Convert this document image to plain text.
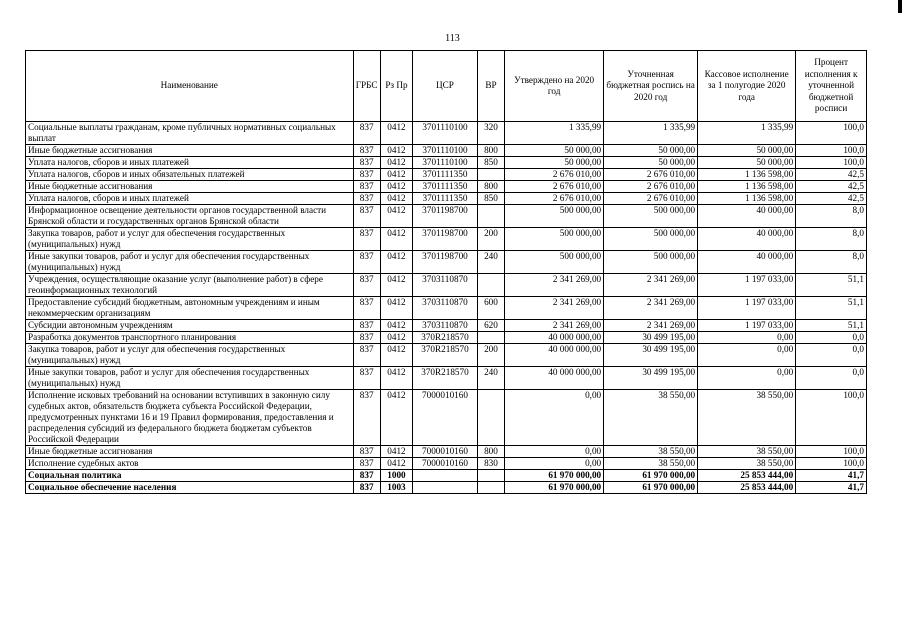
113
Наименование	ГРБС	Рз Пр	ЦСР	ВР	Утверждено на 2020 год	Уточненная бюджетная роспись на 2020 год	Кассовое исполнение за 1 полугодие 2020 года	Процент исполнения к уточненной бюджетной росписи
Социальные выплаты гражданам, кроме публичных нормативных социальных выплат	837	0412	3701110100	320	1 335,99	1 335,99	1 335,99	100,0
Иные бюджетные ассигнования	837	0412	3701110100	800	50 000,00	50 000,00	50 000,00	100,0
Уплата налогов, сборов и иных платежей	837	0412	3701110100	850	50 000,00	50 000,00	50 000,00	100,0
Уплата налогов, сборов и иных обязательных платежей	837	0412	3701111350		2 676 010,00	2 676 010,00	1 136 598,00	42,5
Иные бюджетные ассигнования	837	0412	3701111350	800	2 676 010,00	2 676 010,00	1 136 598,00	42,5
Уплата налогов, сборов и иных платежей	837	0412	3701111350	850	2 676 010,00	2 676 010,00	1 136 598,00	42,5
Информационное освещение деятельности органов государственной власти Брянской области и государственных органов Брянской области	837	0412	3701198700		500 000,00	500 000,00	40 000,00	8,0
Закупка товаров, работ и услуг для обеспечения государственных (муниципальных) нужд	837	0412	3701198700	200	500 000,00	500 000,00	40 000,00	8,0
Иные закупки товаров, работ и услуг для обеспечения государственных (муниципальных) нужд	837	0412	3701198700	240	500 000,00	500 000,00	40 000,00	8,0
Учреждения, осуществляющие оказание услуг (выполнение работ) в сфере геоинформационных технологий	837	0412	3703110870		2 341 269,00	2 341 269,00	1 197 033,00	51,1
Предоставление субсидий бюджетным, автономным учреждениям и иным некоммерческим организациям	837	0412	3703110870	600	2 341 269,00	2 341 269,00	1 197 033,00	51,1
Субсидии автономным учреждениям	837	0412	3703110870	620	2 341 269,00	2 341 269,00	1 197 033,00	51,1
Разработка документов транспортного планирования	837	0412	370R218570		40 000 000,00	30 499 195,00	0,00	0,0
Закупка товаров, работ и услуг для обеспечения государственных (муниципальных) нужд	837	0412	370R218570	200	40 000 000,00	30 499 195,00	0,00	0,0
Иные закупки товаров, работ и услуг для обеспечения государственных (муниципальных) нужд	837	0412	370R218570	240	40 000 000,00	30 499 195,00	0,00	0,0
Исполнение исковых требований на основании вступивших в законную силу судебных актов, обязательств бюджета субъекта Российской Федерации, предусмотренных пунктами 16 и 19 Правил формирования, предоставления и распределения субсидий из федерального бюджета бюджетам субъектов Российской Федерации	837	0412	7000010160		0,00	38 550,00	38 550,00	100,0
Иные бюджетные ассигнования	837	0412	7000010160	800	0,00	38 550,00	38 550,00	100,0
Исполнение судебных актов	837	0412	7000010160	830	0,00	38 550,00	38 550,00	100,0
Социальная политика	837	1000			61 970 000,00	61 970 000,00	25 853 444,00	41,7
Социальное обеспечение населения	837	1003			61 970 000,00	61 970 000,00	25 853 444,00	41,7
